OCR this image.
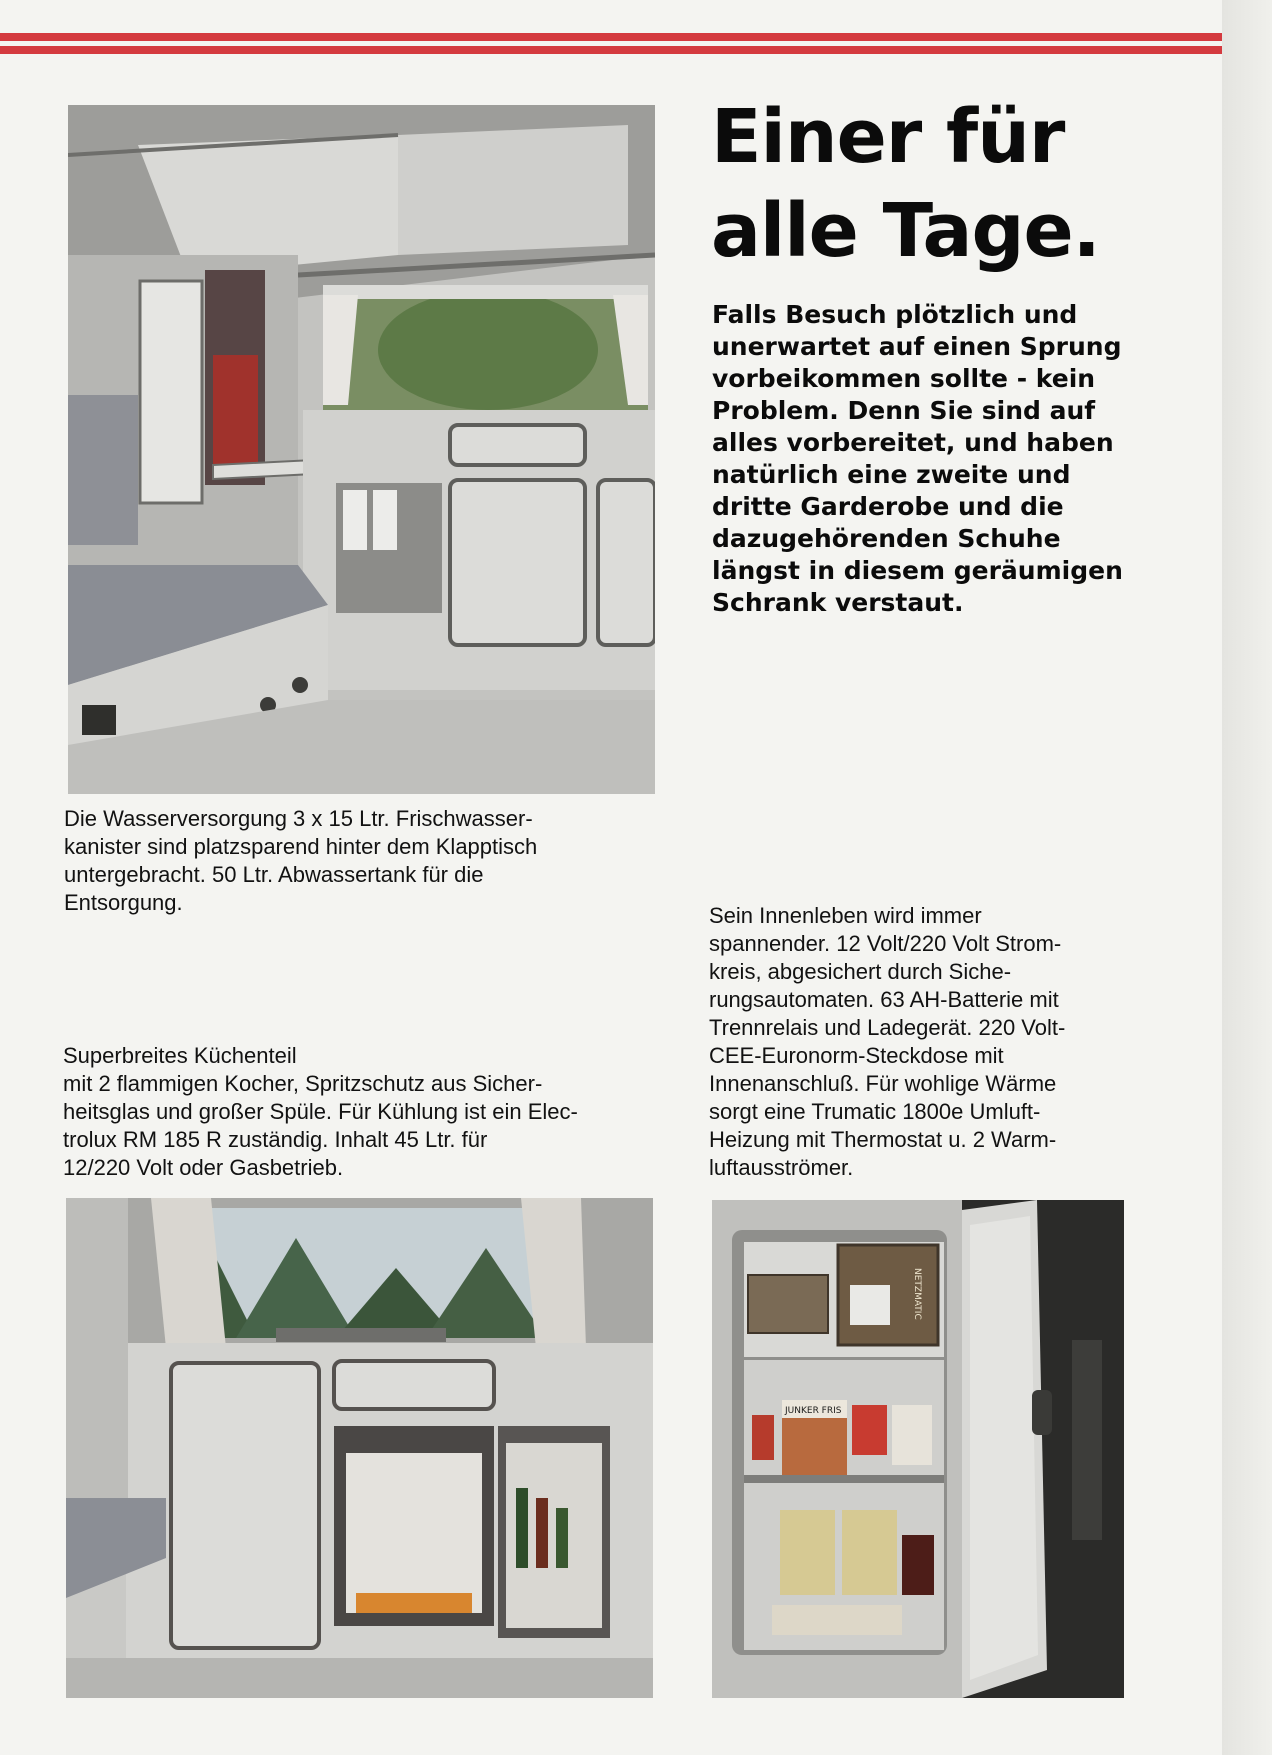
Einer für
alle Tage.

Falls Besuch plötzlich und unerwartet auf einen Sprung vorbeikommen sollte - kein Problem. Denn Sie sind auf alles vorbereitet, und haben natürlich eine zweite und dritte Garderobe und die dazugehörenden Schuhe längst in diesem geräumigen Schrank verstaut.

Die Wasserversorgung 3 x 15 Ltr. Frischwasser-
kanister sind platzsparend hinter dem Klapptisch
untergebracht. 50 Ltr. Abwassertank für die
Entsorgung.

Sein Innenleben wird immer
spannender. 12 Volt/220 Volt Strom-
kreis, abgesichert durch Siche-
rungsautomaten. 63 AH-Batterie mit
Trennrelais und Ladegerät. 220 Volt-
CEE-Euronorm-Steckdose mit
Innenanschluß. Für wohlige Wärme
sorgt eine Trumatic 1800e Umluft-
Heizung mit Thermostat u. 2 Warm-
luftausströmer.

Superbreites Küchenteil
mit 2 flammigen Kocher, Spritzschutz aus Sicher-
heitsglas und großer Spüle. Für Kühlung ist ein Elec-
trolux RM 185 R zuständig. Inhalt 45 Ltr. für
12/220 Volt oder Gasbetrieb.

NETZMATIC
JUNKER FRIS
